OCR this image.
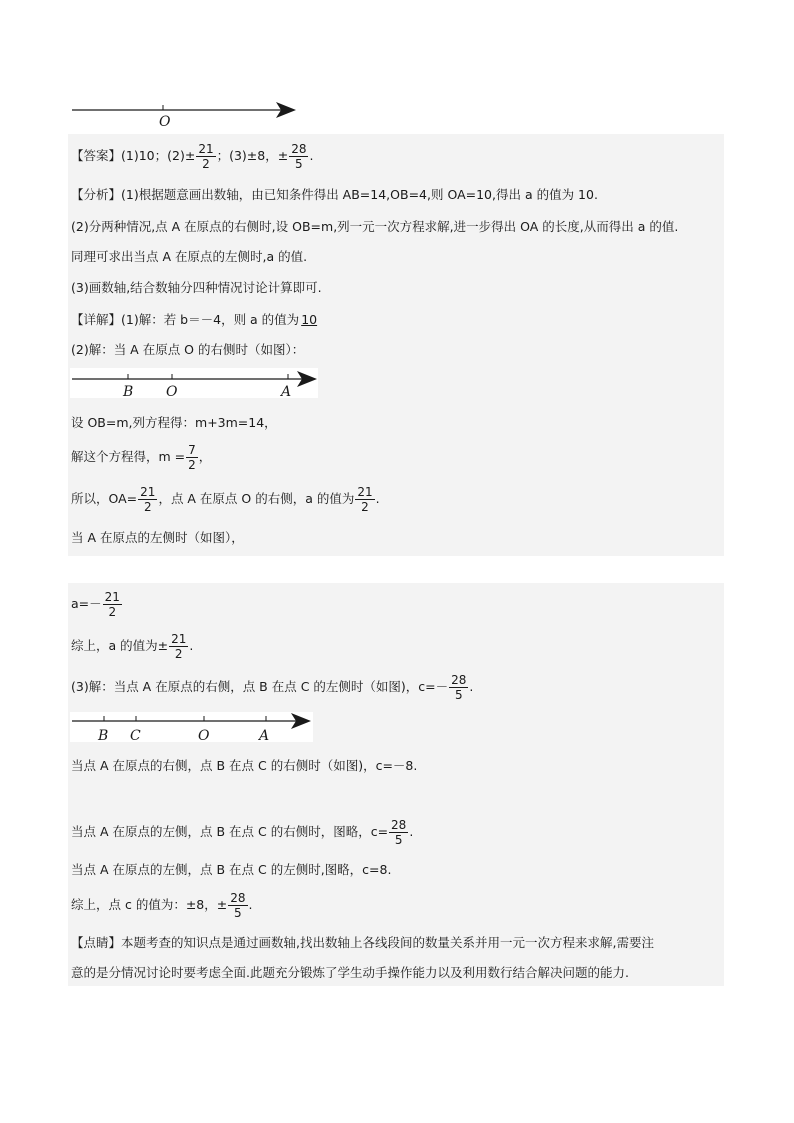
O
【答案】(1)10；$(2)\pm \frac{21}{2}$ ；(3)±8，± $\frac{28}{5}$ .
【分析】(1)根据题意画出数轴，由已知条件得出 AB=14,OB=4,则 OA=10,得出 a 的值为 10.
(2)分两种情况,点 A 在原点的右侧时,设 OB=m,列一元一次方程求解,进一步得出 OA 的长度,从而得出 a 的值.
同理可求出当点 A 在原点的左侧时,a 的值.
(3)画数轴,结合数轴分四种情况讨论计算即可.
【详解】(1)解：若 b＝－4，则 a 的值为 10
(2)解：当 A 在原点 O 的右侧时（如图）：
B O	A
设 OB=m,列方程得：m+3m=14，
解这个方程得，$m = \frac{7}{2}$ ，
所以，$OA= \frac{21}{2}$ ，点 A 在原点 O 的右侧，a 的值为 $\frac{21}{2}$ .
当 A 在原点的左侧时（如图），
$a=- \frac{21}{2}$
综上，a 的值为± $\frac{21}{2}$ .
(3)解：当点 A 在原点的右侧，点 B 在点 C 的左侧时（如图)，$c=- \frac{28}{5}$ .
B C	O	A
当点 A 在原点的右侧，点 B 在点 C 的右侧时（如图)，c=－8.
当点 A 在原点的左侧，点 B 在点 C 的右侧时，图略，$c= \frac{28}{5}$ .
当点 A 在原点的左侧，点 B 在点 C 的左侧时,图略，c=8.
综上，点 c 的值为：±8，± $\frac{28}{5}$ .
【点睛】本题考查的知识点是通过画数轴,找出数轴上各线段间的数量关系并用一元一次方程来求解,需要注
意的是分情况讨论时要考虑全面.此题充分锻炼了学生动手操作能力以及利用数行结合解决问题的能力.
